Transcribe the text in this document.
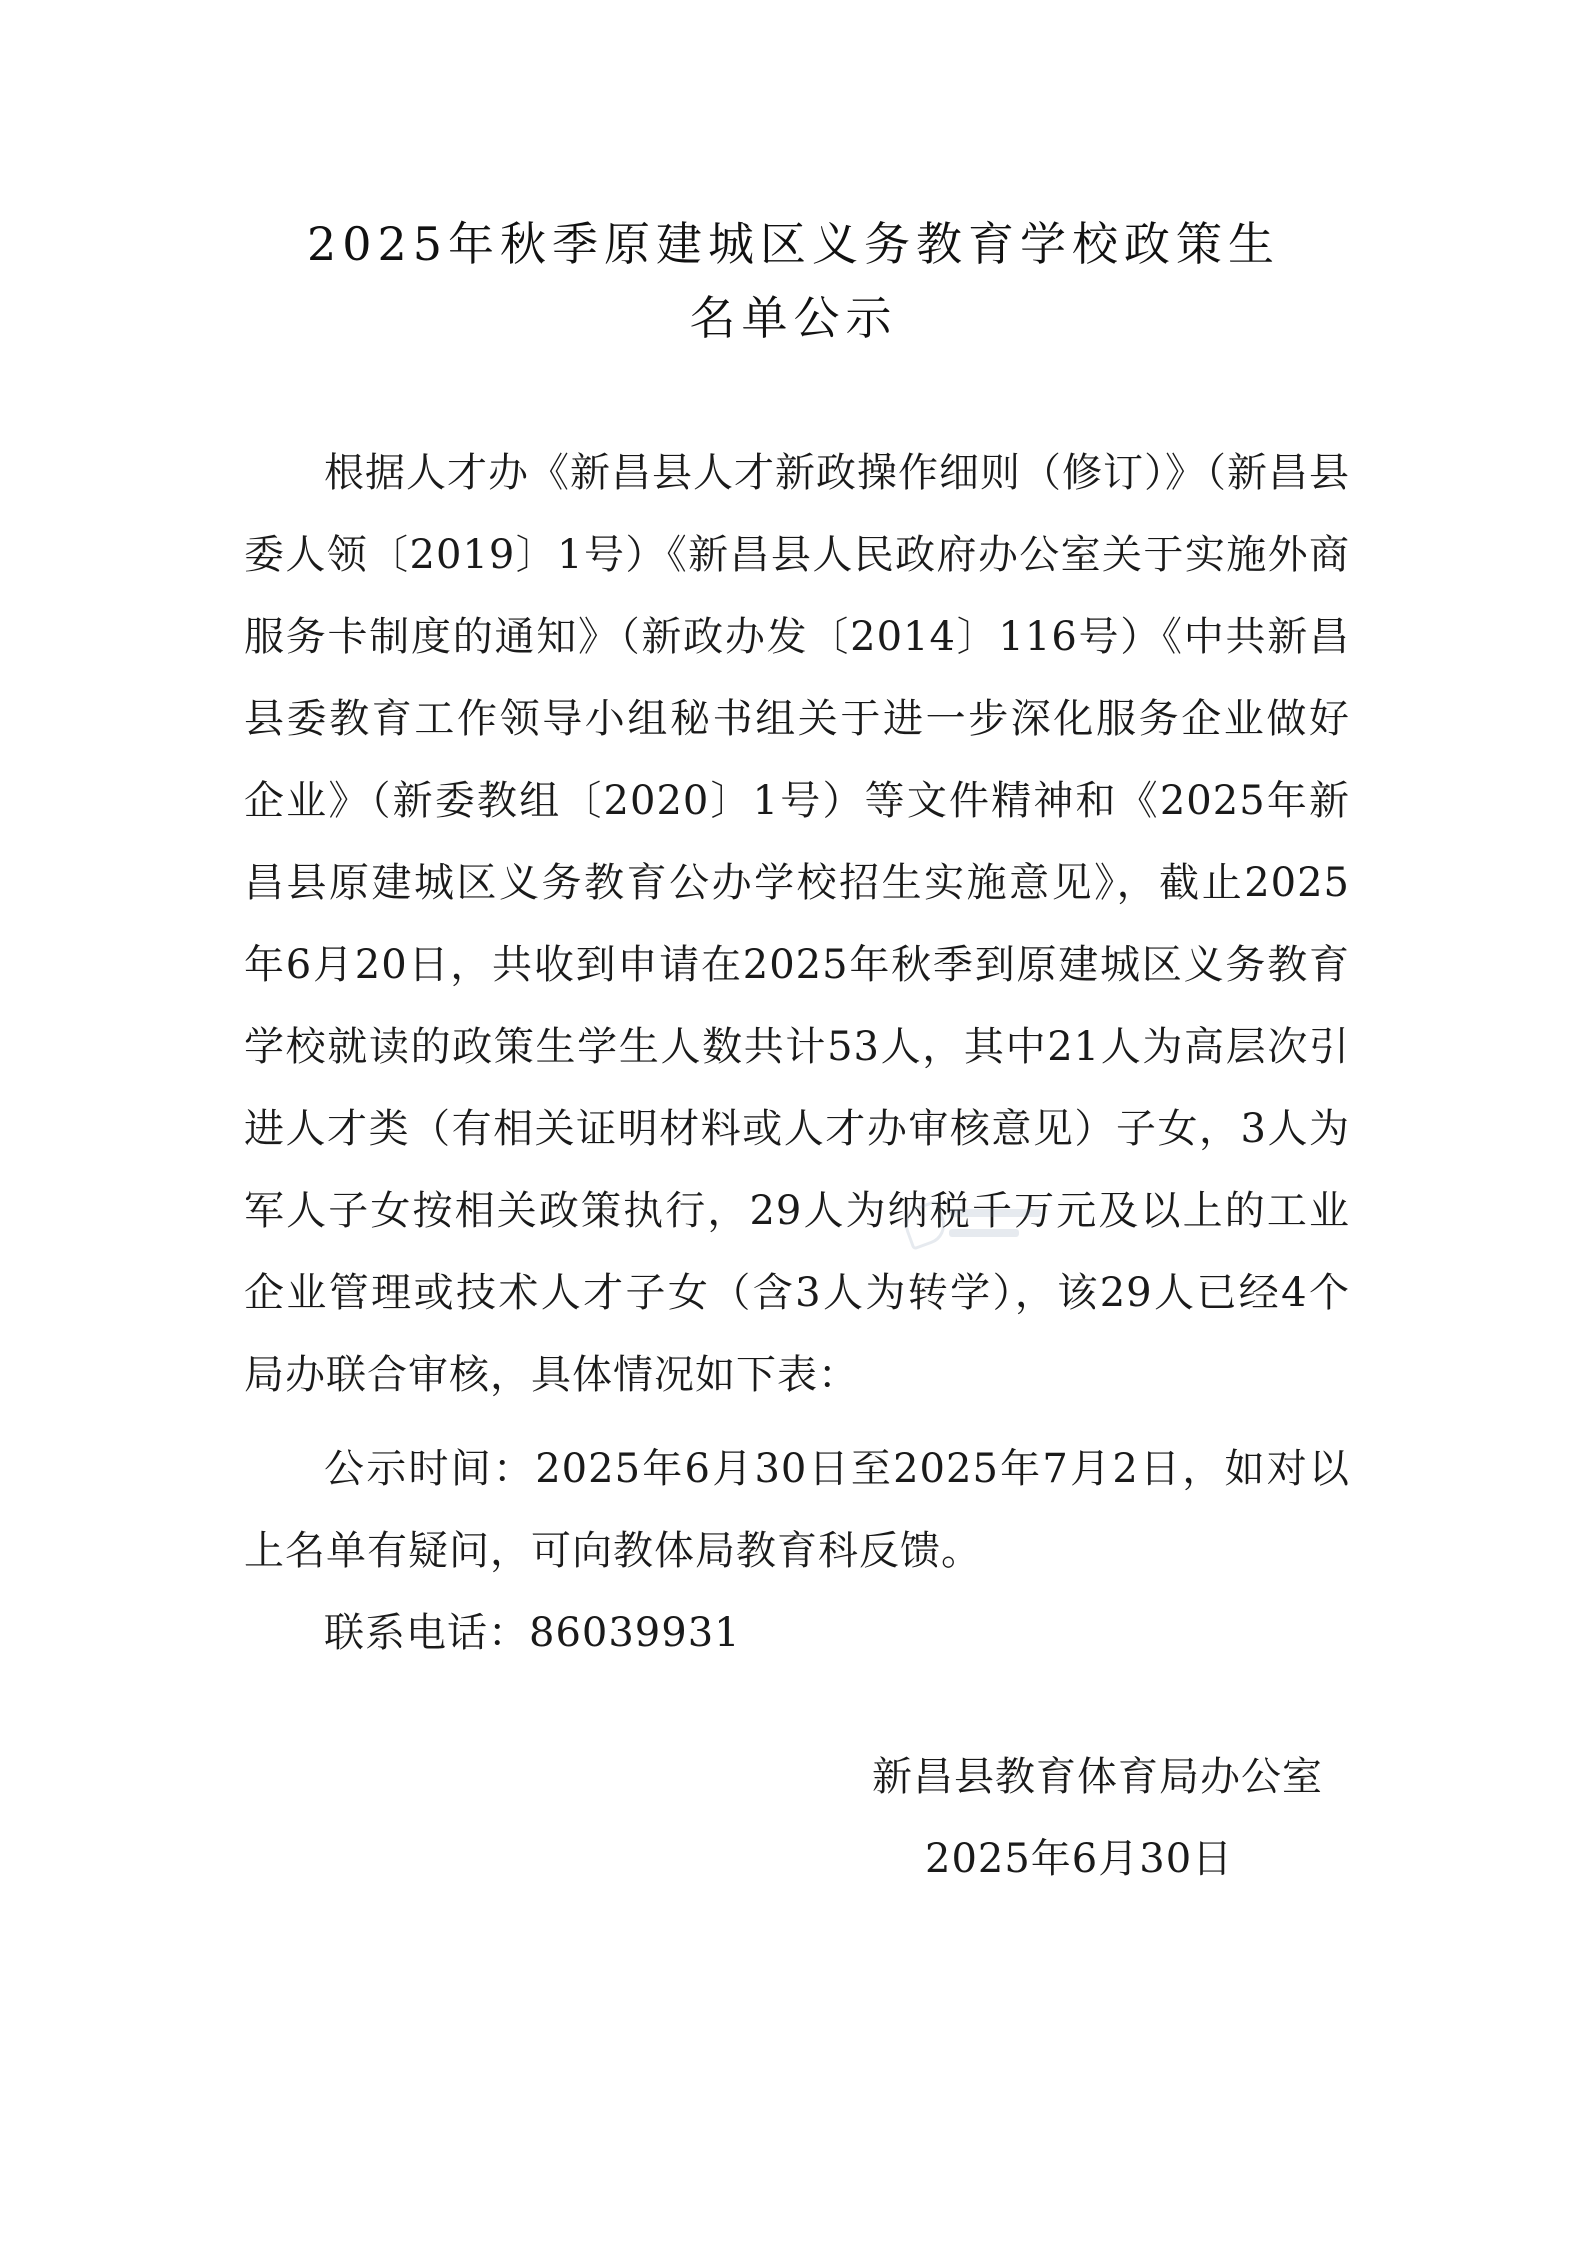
2025年秋季原建城区义务教育学校政策生
名单公示
根据人才办《新昌县人才新政操作细则（修订）》（新昌县委人领〔2019〕1号）《新昌县人民政府办公室关于实施外商服务卡制度的通知》（新政办发〔2014〕116号）《中共新昌县委教育工作领导小组秘书组关于进一步深化服务企业做好企业》（新委教组〔2020〕1号）等文件精神和《2025年新昌县原建城区义务教育公办学校招生实施意见》，截止2025年6月20日，共收到申请在2025年秋季到原建城区义务教育学校就读的政策生学生人数共计53人，其中21人为高层次引进人才类（有相关证明材料或人才办审核意见）子女，3人为军人子女按相关政策执行，29人为纳税千万元及以上的工业企业管理或技术人才子女（含3人为转学），该29人已经4个局办联合审核，具体情况如下表：
公示时间：2025年6月30日至2025年7月2日，如对以上名单有疑问，可向教体局教育科反馈。
联系电话：86039931
新昌县教育体育局办公室
2025年6月30日
